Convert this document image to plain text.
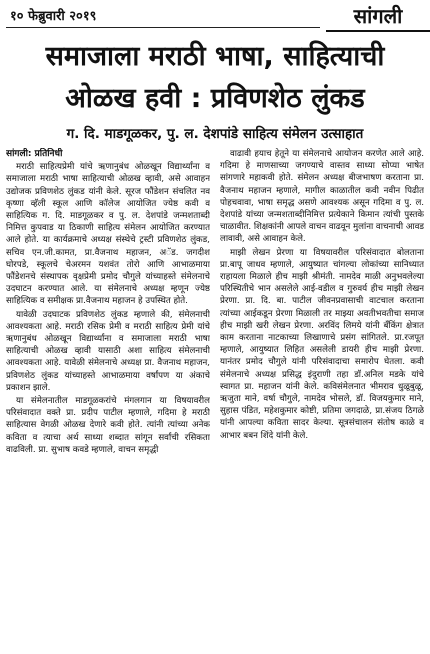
१० फेब्रुवारी २०१९	सांगली
समाजाला मराठी भाषा, साहित्याची
ओळख हवी : प्रविणशेठ लुंकड
ग. दि. माडगूळकर, पु. ल. देशपांडे साहित्य संमेलन उत्साहात
सांगली: प्रतिनिधी

मराठी साहित्यप्रेमी यांचे ऋणानुबंध ओळखून विद्यार्थ्यांना व समाजाला मराठी भाषा साहित्याची ओळख व्हावी, असे आवाहन उद्योजक प्रविणशेठ लुंकड यांनी केले. सूरज फौंडेशन संचलित नव कृष्णा व्हॅली स्कूल आणि कॉलेज आयोजित ज्येष्ठ कवी व साहित्यिक ग. दि. माडगूळकर व पु. ल. देशपांडे जन्मशताब्दी निमित्त कुपवाड या ठिकाणी साहित्य संमेलन आयोजित करण्यात आले होते. या कार्यक्रमाचे अध्यक्ष संस्थेचे ट्रस्टी प्रविणशेठ लुंकड, सचिव एन.जी.कामत, प्रा.वैजनाथ महाजन, अॅड. जगदीश घोरपडे, स्कूलचे चेअरमन यशवंत तोरो आणि आभाळमाया फौंडेशनचे संस्थापक वृक्षप्रेमी प्रमोद चौगुले यांच्याहस्ते संमेलनाचे उदघाटन करण्यात आले. या संमेलनाचे अध्यक्ष म्हणून ज्येष्ठ साहित्यिक व समीक्षक प्रा.वैजनाथ महाजन हे उपस्थित होते.

यावेळी उदघाटक प्रविणशेठ लुंकड म्हणाले की, संमेलनाची आवश्यकता आहे. मराठी रसिक प्रेमी व मराठी साहित्य प्रेमी यांचे ऋणानुबंध ओळखून विद्यार्थ्यांना व समाजाला मराठी भाषा साहित्याची ओळख व्हावी यासाठी अशा साहित्य संमेलनाची आवश्यकता आहे. यावेळी संमेलनाचे अध्यक्ष प्रा. वैजनाथ महाजन, प्रविणशेठ लुंकड यांच्याहस्ते आभाळमाया वर्षांपण या अंकाचे प्रकाशन झाले.

या संमेलनातील माडगूळकरांचे मंगलगान या विषयावरील परिसंवादात वक्ते प्रा. प्रदीप पाटील म्हणाले, गदिमा हे मराठी साहित्यास वेगळी ओळख देणारे कवी होते. त्यांनी त्यांच्या अनेक कविता व त्याचा अर्थ साध्या शब्दात सांगून सर्वांची रसिकता वाढविली. प्रा. सुभाष कवडे म्हणाले, वाचन समृद्धी

वाढावी हयाच हेतूने या संमेलनाचे आयोजन करणेत आले आहे. गदिमा हे माणसाच्या जगण्याचे वास्तव साध्या सोप्या भाषेत सांगणारे महाकवी होते. संमेलन अध्यक्ष बीजभाषण करताना प्रा. वैजनाथ महाजन म्हणाले, मागील काळातील कवी नवीन पिढीत पोहचवावा, भाषा समृद्ध असणे आवश्यक असून गदिमा व पु. ल. देशपांडे यांच्या जन्मशताब्दीनिमित्त प्रत्येकाने किमान त्यांची पुस्तके चाळावीत. शिक्षकांनी आपले वाचन वाढवून मुलांना वाचनाची आवड लावावी, असे आवाहन केले.

माझी लेखन प्रेरणा या विषयावरील परिसंवादात बोलताना प्रा.बापू जाधव म्हणाले, आयुष्यात चांगल्या लोकांच्या सानिध्यात राहायला मिळाले हीच माझी श्रीमंती. नामदेव माळी अनुभवलेल्या परिस्थितीचे भान असलेले आई-वडील व गुरुवर्य हीच माझी लेखन प्रेरणा. प्रा. दि. बा. पाटील जीवनप्रवासाची वाटचाल करताना त्यांच्या आईकडून प्रेरणा मिळाली तर माझ्या अवतीभवतीचा समाज हीच माझी खरी लेखन प्रेरणा. अरविंद लिमये यांनी बँकिंग क्षेत्रात काम करताना नाटकाच्या लिखाणाचे प्रसंग सांगितले. प्रा.रजपूत म्हणाले, आयुष्यात लिहित असलेली डायरी हीच माझी प्रेरणा. यानंतर प्रमोद चौगुले यांनी परिसंवादाचा समारोप घेतला. कवी संमेलनाचे अध्यक्ष प्रसिद्ध इंदुराणी तहा डॉ.अनिल मडके यांचे स्वागत प्रा. महाजन यांनी केले. कविसंमेलनात भीमराव धुळूबुळू, ऋजुता माने, वर्षा चौगुले, नामदेव भोसले, डॉ. विजयकुमार माने, सुहास पंडित, महेशकुमार कोष्टी, प्रतिमा जगदाळे, प्रा.संजय ठिगळे यांनी आपल्या कविता सादर केल्या. सूत्रसंचालन संतोष काळे व आभार बबन शिंदे यांनी केले.
